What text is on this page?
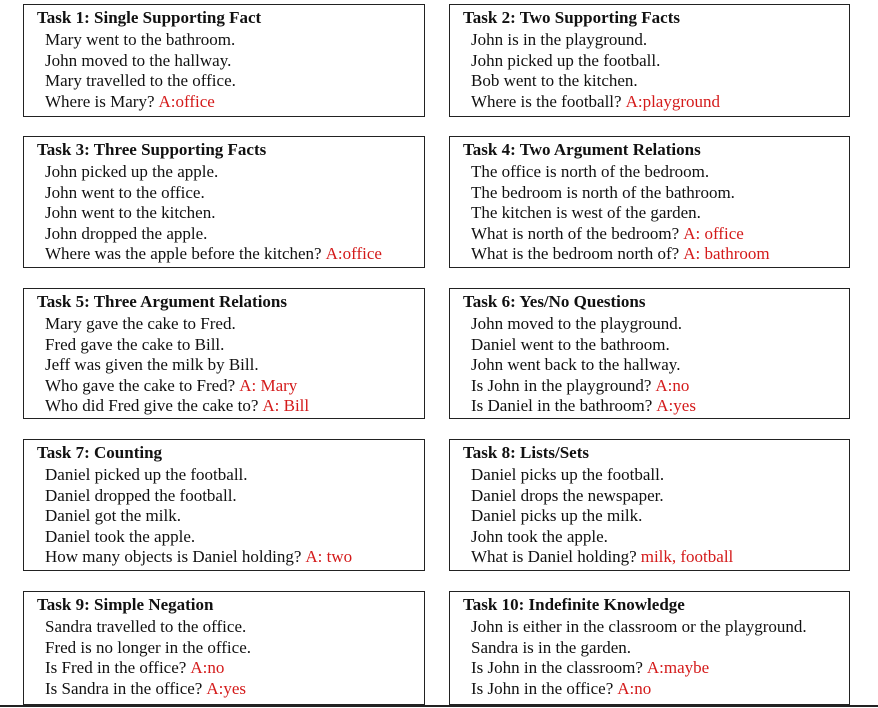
Task 1: Single Supporting Fact
Mary went to the bathroom.
John moved to the hallway.
Mary travelled to the office.
Where is Mary? A:office
Task 2: Two Supporting Facts
John is in the playground.
John picked up the football.
Bob went to the kitchen.
Where is the football? A:playground
Task 3: Three Supporting Facts
John picked up the apple.
John went to the office.
John went to the kitchen.
John dropped the apple.
Where was the apple before the kitchen? A:office
Task 4: Two Argument Relations
The office is north of the bedroom.
The bedroom is north of the bathroom.
The kitchen is west of the garden.
What is north of the bedroom? A: office
What is the bedroom north of? A: bathroom
Task 5: Three Argument Relations
Mary gave the cake to Fred.
Fred gave the cake to Bill.
Jeff was given the milk by Bill.
Who gave the cake to Fred? A: Mary
Who did Fred give the cake to? A: Bill
Task 6: Yes/No Questions
John moved to the playground.
Daniel went to the bathroom.
John went back to the hallway.
Is John in the playground? A:no
Is Daniel in the bathroom? A:yes
Task 7: Counting
Daniel picked up the football.
Daniel dropped the football.
Daniel got the milk.
Daniel took the apple.
How many objects is Daniel holding? A: two
Task 8: Lists/Sets
Daniel picks up the football.
Daniel drops the newspaper.
Daniel picks up the milk.
John took the apple.
What is Daniel holding? milk, football
Task 9: Simple Negation
Sandra travelled to the office.
Fred is no longer in the office.
Is Fred in the office? A:no
Is Sandra in the office? A:yes
Task 10: Indefinite Knowledge
John is either in the classroom or the playground.
Sandra is in the garden.
Is John in the classroom? A:maybe
Is John in the office? A:no
